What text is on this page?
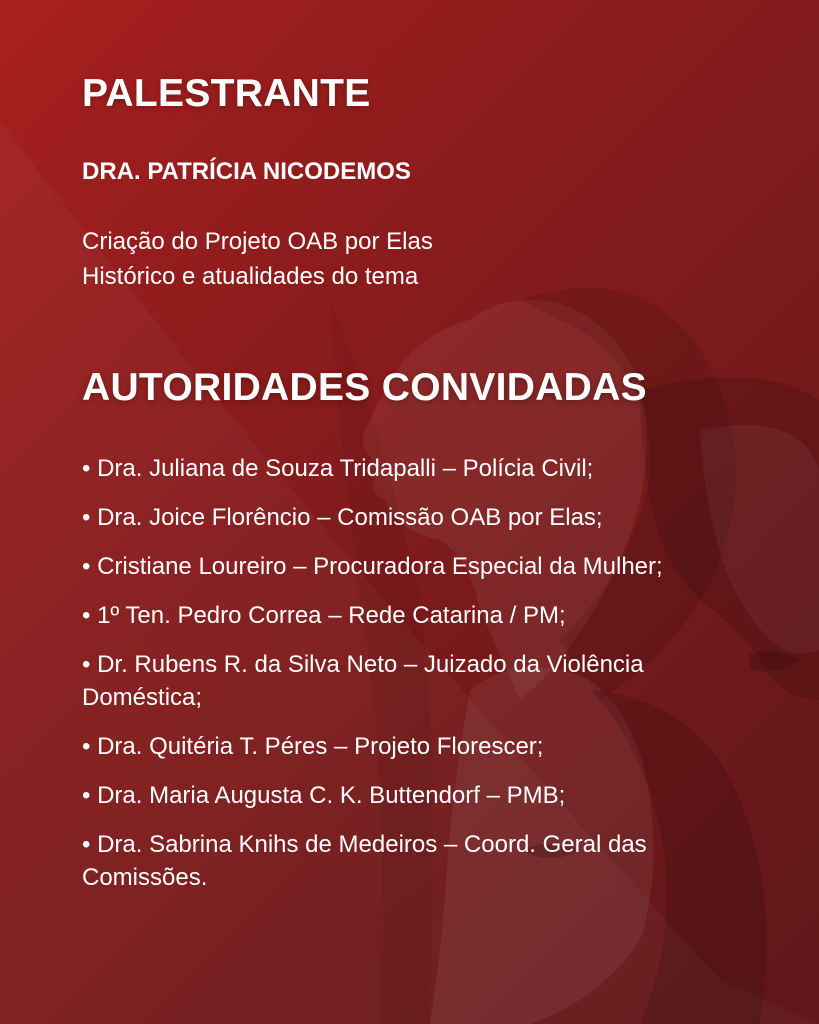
PALESTRANTE
DRA. PATRÍCIA NICODEMOS
Criação do Projeto OAB por Elas
Histórico e atualidades do tema
AUTORIDADES CONVIDADAS
• Dra. Juliana de Souza Tridapalli – Polícia Civil;
• Dra. Joice Florêncio – Comissão OAB por Elas;
• Cristiane Loureiro – Procuradora Especial da Mulher;
• 1º Ten. Pedro Correa – Rede Catarina / PM;
• Dr. Rubens R. da Silva Neto – Juizado da Violência Doméstica;
• Dra. Quitéria T. Péres – Projeto Florescer;
• Dra. Maria Augusta C. K. Buttendorf – PMB;
• Dra. Sabrina Knihs de Medeiros – Coord. Geral das Comissões.
